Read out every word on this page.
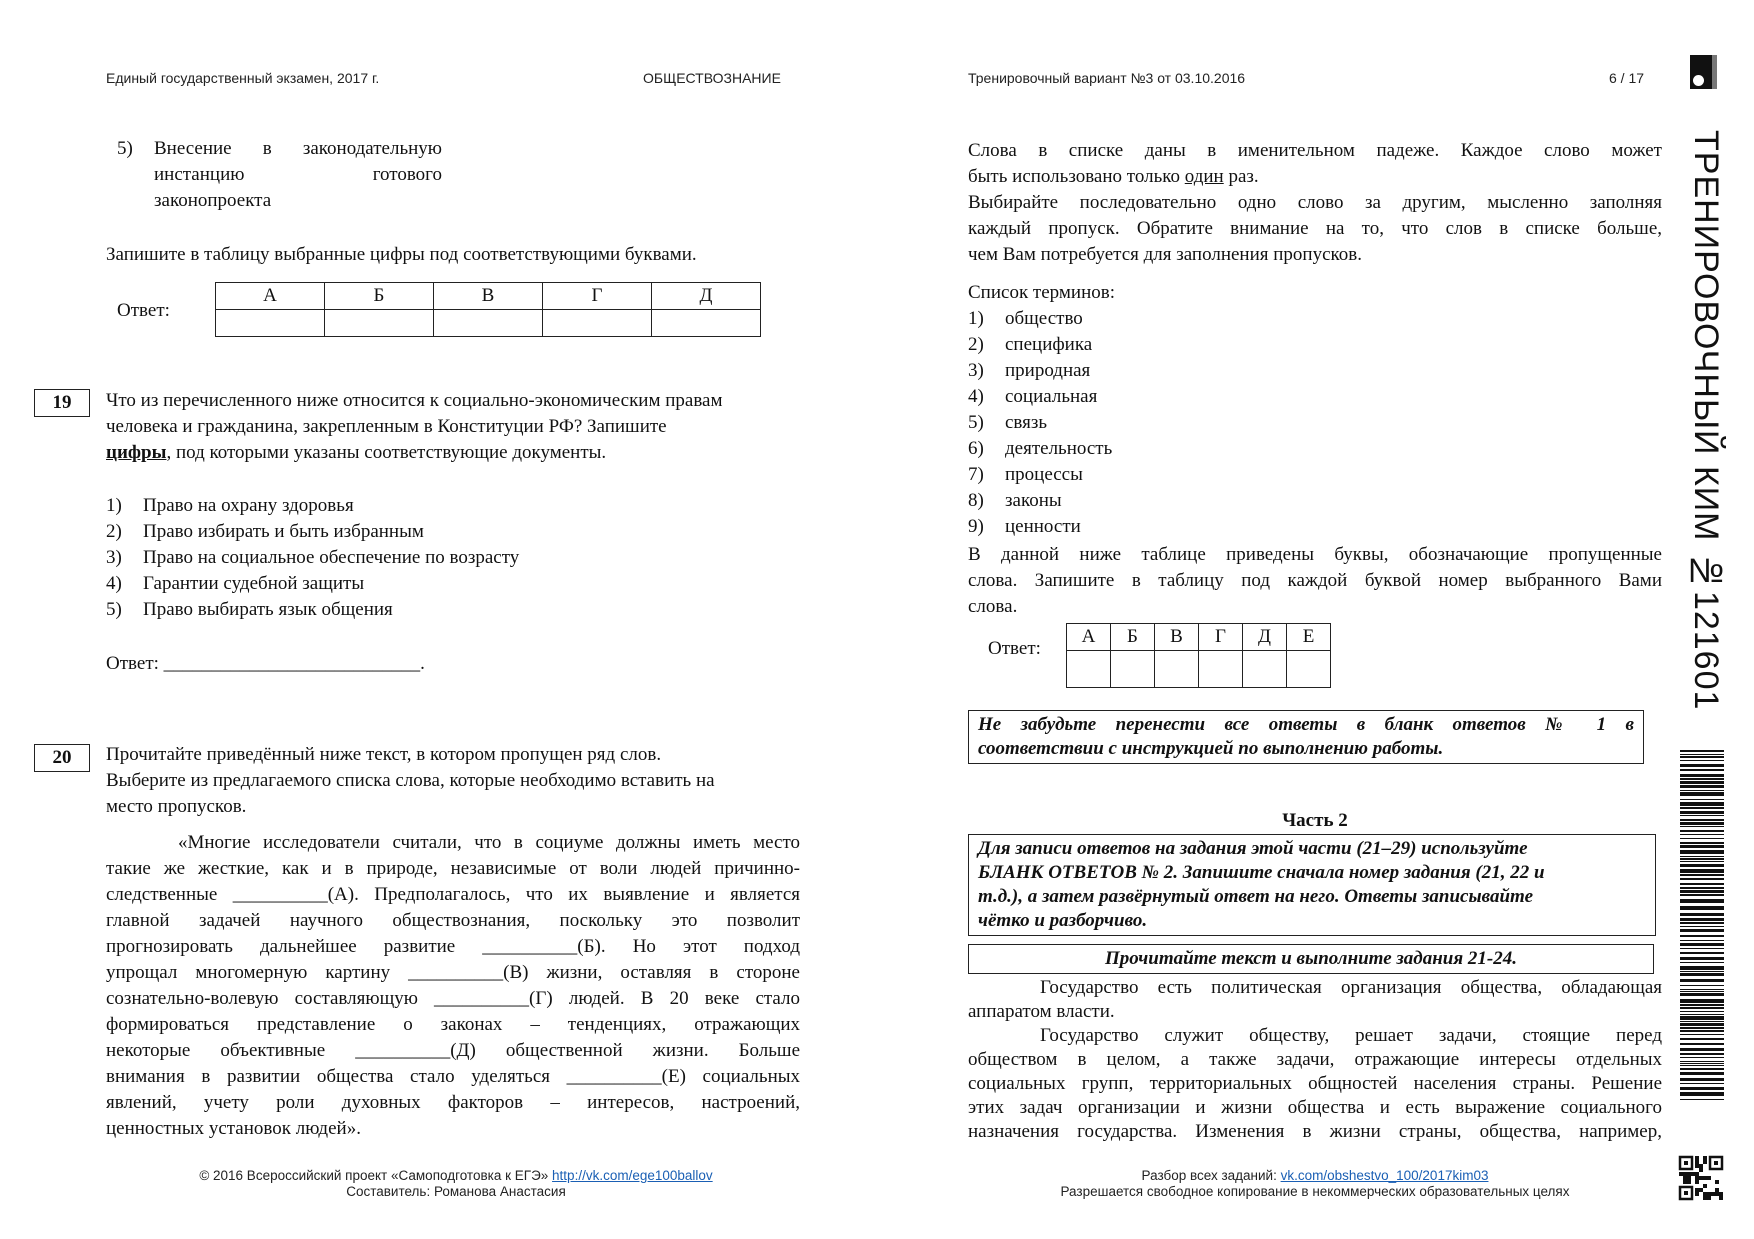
Единый государственный экзамен, 2017 г.	ОБЩЕСТВОЗНАНИЕ	Тренировочный вариант №3 от 03.10.2016	6 / 17
ТРЕНИРОВОЧНЫЙ КИМ №121601
5)	Внесение в законодательную
инстанцию	готового
законопроекта
Запишите в таблицу выбранные цифры под соответствующими буквами.
Ответ:
А	Б	В	Г	Д

19	Что из перечисленного ниже относится к социально-экономическим правам
человека и гражданина, закрепленным в Конституции РФ? Запишите
цифры, под которыми указаны соответствующие документы.
1)	Право на охрану здоровья
2)	Право избирать и быть избранным
3)	Право на социальное обеспечение по возрасту
4)	Гарантии судебной защиты
5)	Право выбирать язык общения
Ответ: ___________________________.
20	Прочитайте приведённый ниже текст, в котором пропущен ряд слов.
Выберите из предлагаемого списка слова, которые необходимо вставить на
место пропусков.
«Многие исследователи считали, что в социуме должны иметь место
такие же жесткие, как и в природе, независимые от воли людей причинно-
следственные __________(А). Предполагалось, что их выявление и является
главной задачей научного обществознания, поскольку это позволит
прогнозировать дальнейшее развитие __________(Б). Но этот подход
упрощал многомерную картину __________(В) жизни, оставляя в стороне
сознательно-волевую составляющую __________(Г) людей. В 20 веке стало
формироваться представление о законах – тенденциях, отражающих
некоторые объективные __________(Д) общественной жизни. Больше
внимания в развитии общества стало уделяться __________(Е) социальных
явлений, учету роли духовных факторов – интересов, настроений,
ценностных установок людей».
Слова в списке даны в именительном падеже. Каждое слово может
быть использовано только один раз.
Выбирайте последовательно одно слово за другим, мысленно заполняя
каждый пропуск. Обратите внимание на то, что слов в списке больше,
чем Вам потребуется для заполнения пропусков.
Список терминов:
1)	общество
2)	специфика
3)	природная
4)	социальная
5)	связь
6)	деятельность
7)	процессы
8)	законы
9)	ценности
В данной ниже таблице приведены буквы, обозначающие пропущенные
слова. Запишите в таблицу под каждой буквой номер выбранного Вами
слова.
Ответ:
А	Б	В	Г	Д	Е

Не забудьте перенести все ответы в бланк ответов № 1 в
соответствии с инструкцией по выполнению работы.
Часть 2
Для записи ответов на задания этой части (21–29) используйте
БЛАНК ОТВЕТОВ № 2. Запишите сначала номер задания (21, 22 и
т.д.), а затем развёрнутый ответ на него. Ответы записывайте
чётко и разборчиво.
Прочитайте текст и выполните задания 21-24.
Государство есть политическая организация общества, обладающая
аппаратом власти.
Государство служит обществу, решает задачи, стоящие перед
обществом в целом, а также задачи, отражающие интересы отдельных
социальных групп, территориальных общностей населения страны. Решение
этих задач организации и жизни общества и есть выражение социального
назначения государства. Изменения в жизни страны, общества, например,
© 2016 Всероссийский проект «Самоподготовка к ЕГЭ» http://vk.com/ege100ballov
Составитель: Романова Анастасия
Разбор всех заданий: vk.com/obshestvo_100/2017kim03
Разрешается свободное копирование в некоммерческих образовательных целях
